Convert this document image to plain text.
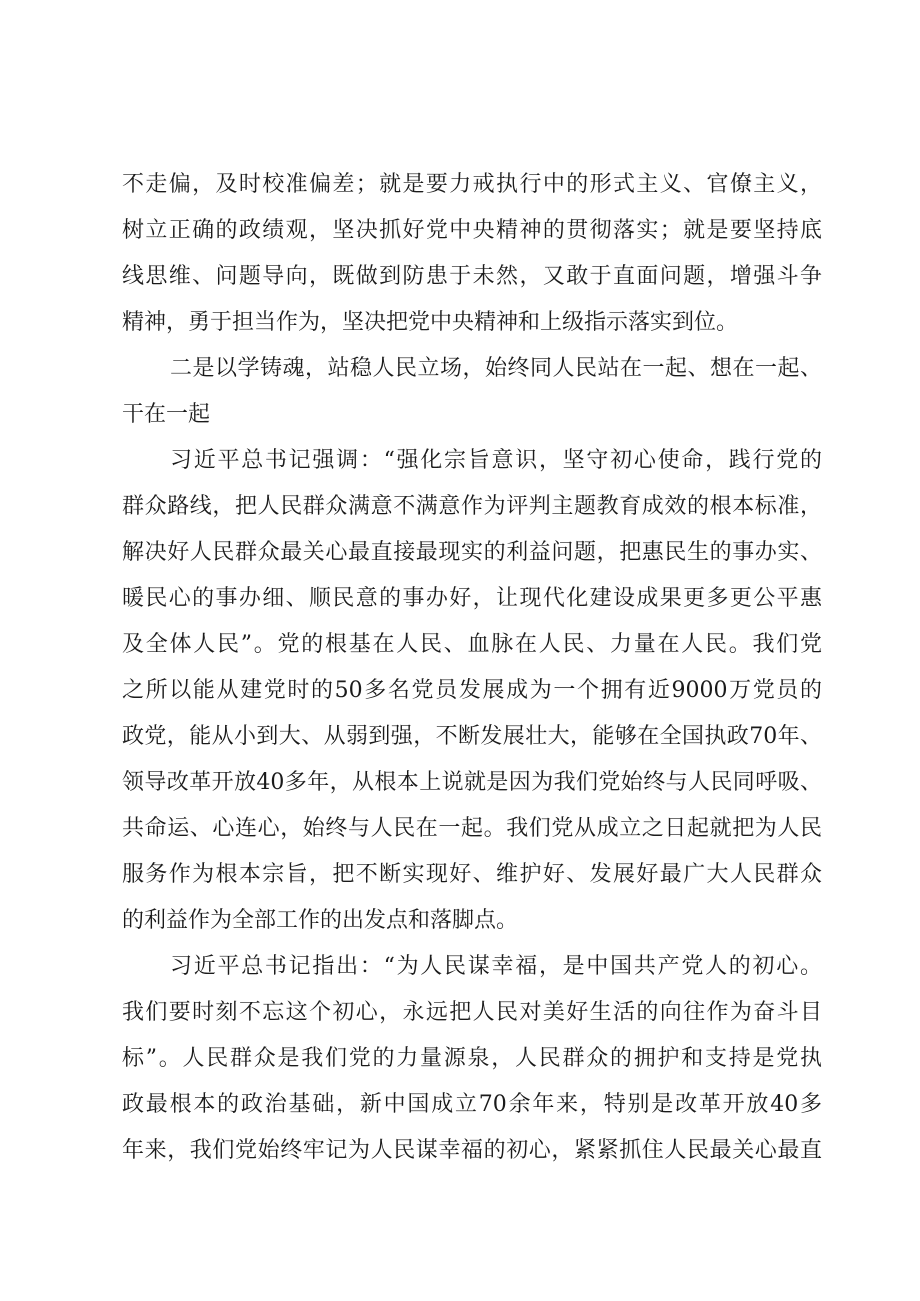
不走偏，及时校准偏差；就是要力戒执行中的形式主义、官僚主义，
树立正确的政绩观，坚决抓好党中央精神的贯彻落实；就是要坚持底
线思维、问题导向，既做到防患于未然，又敢于直面问题，增强斗争
精神，勇于担当作为，坚决把党中央精神和上级指示落实到位。
二是以学铸魂，站稳人民立场，始终同人民站在一起、想在一起、
干在一起
习近平总书记强调：“强化宗旨意识，坚守初心使命，践行党的
群众路线，把人民群众满意不满意作为评判主题教育成效的根本标准，
解决好人民群众最关心最直接最现实的利益问题，把惠民生的事办实、
暖民心的事办细、顺民意的事办好，让现代化建设成果更多更公平惠
及全体人民”。党的根基在人民、血脉在人民、力量在人民。我们党
之所以能从建党时的50多名党员发展成为一个拥有近9000万党员的
政党，能从小到大、从弱到强，不断发展壮大，能够在全国执政70年、
领导改革开放40多年，从根本上说就是因为我们党始终与人民同呼吸、
共命运、心连心，始终与人民在一起。我们党从成立之日起就把为人民
服务作为根本宗旨，把不断实现好、维护好、发展好最广大人民群众
的利益作为全部工作的出发点和落脚点。
习近平总书记指出：“为人民谋幸福，是中国共产党人的初心。
我们要时刻不忘这个初心，永远把人民对美好生活的向往作为奋斗目
标”。人民群众是我们党的力量源泉，人民群众的拥护和支持是党执
政最根本的政治基础，新中国成立70余年来，特别是改革开放40多
年来，我们党始终牢记为人民谋幸福的初心，紧紧抓住人民最关心最直
